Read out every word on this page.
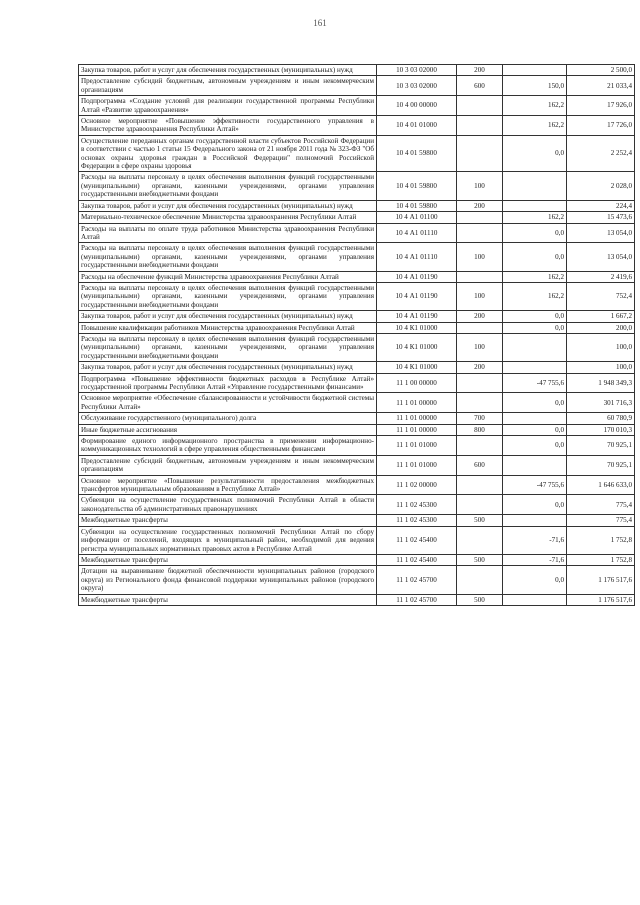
161
Закупка товаров, работ и услуг для обеспечения государственных (муниципальных) нужд	10 3 03 02000	200		2 500,0
Предоставление субсидий бюджетным, автономным учреждениям и иным некоммерческим организациям	10 3 03 02000	600	150,0	21 033,4
Подпрограмма «Создание условий для реализации государственной программы Республики Алтай «Развитие здравоохранения»	10 4 00 00000		162,2	17 926,0
Основное мероприятие «Повышение эффективности государственного управления в Министерстве здравоохранения Республики Алтай»	10 4 01 01000		162,2	17 726,0
Осуществление переданных органам государственной власти субъектов Российской Федерации в соответствии с частью 1 статьи 15 Федерального закона от 21 ноября 2011 года № 323-ФЗ "Об основах охраны здоровья граждан в Российской Федерации" полномочий Российской Федерации в сфере охраны здоровья	10 4 01 59800		0,0	2 252,4
Расходы на выплаты персоналу в целях обеспечения выполнения функций государственными (муниципальными) органами, казенными учреждениями, органами управления государственными внебюджетными фондами	10 4 01 59800	100		2 028,0
Закупка товаров, работ и услуг для обеспечения государственных (муниципальных) нужд	10 4 01 59800	200		224,4
Материально-техническое обеспечение Министерства здравоохранения Республики Алтай	10 4 А1 01100		162,2	15 473,6
Расходы на выплаты по оплате труда работников Министерства здравоохранения Республики Алтай	10 4 А1 01110		0,0	13 054,0
Расходы на выплаты персоналу в целях обеспечения выполнения функций государственными (муниципальными) органами, казенными учреждениями, органами управления государственными внебюджетными фондами	10 4 А1 01110	100	0,0	13 054,0
Расходы на обеспечение функций Министерства здравоохранения Республики Алтай	10 4 А1 01190		162,2	2 419,6
Расходы на выплаты персоналу в целях обеспечения выполнения функций государственными (муниципальными) органами, казенными учреждениями, органами управления государственными внебюджетными фондами	10 4 А1 01190	100	162,2	752,4
Закупка товаров, работ и услуг для обеспечения государственных (муниципальных) нужд	10 4 А1 01190	200	0,0	1 667,2
Повышение квалификации работников Министерства здравоохранения Республики Алтай	10 4 К1 01000		0,0	200,0
Расходы на выплаты персоналу в целях обеспечения выполнения функций государственными (муниципальными) органами, казенными учреждениями, органами управления государственными внебюджетными фондами	10 4 К1 01000	100		100,0
Закупка товаров, работ и услуг для обеспечения государственных (муниципальных) нужд	10 4 К1 01000	200		100,0
Подпрограмма «Повышение эффективности бюджетных расходов в Республике Алтай» государственной программы Республики Алтай «Управление государственными финансами»	11 1 00 00000		-47 755,6	1 948 349,3
Основное мероприятие «Обеспечение сбалансированности и устойчивости бюджетной системы Республики Алтай»	11 1 01 00000		0,0	301 716,3
Обслуживание государственного (муниципального) долга	11 1 01 00000	700		60 780,9
Иные бюджетные ассигнования	11 1 01 00000	800	0,0	170 010,3
Формирование единого информационного пространства в применении информационно-коммуникационных технологий в сфере управления общественными финансами	11 1 01 01000		0,0	70 925,1
Предоставление субсидий бюджетным, автономным учреждениям и иным некоммерческим организациям	11 1 01 01000	600		70 925,1
Основное мероприятие «Повышение результативности предоставления межбюджетных трансфертов муниципальным образованиям в Республике Алтай»	11 1 02 00000		-47 755,6	1 646 633,0
Субвенции на осуществление государственных полномочий Республики Алтай в области законодательства об административных правонарушениях	11 1 02 45300		0,0	775,4
Межбюджетные трансферты	11 1 02 45300	500		775,4
Субвенции на осуществление государственных полномочий Республики Алтай по сбору информации от поселений, входящих в муниципальный район, необходимой для ведения регистра муниципальных нормативных правовых актов в Республике Алтай	11 1 02 45400		-71,6	1 752,8
Межбюджетные трансферты	11 1 02 45400	500	-71,6	1 752,8
Дотации на выравнивание бюджетной обеспеченности муниципальных районов (городского округа) из Регионального фонда финансовой поддержки муниципальных районов (городского округа)	11 1 02 45700		0,0	1 176 517,6
Межбюджетные трансферты	11 1 02 45700	500		1 176 517,6
